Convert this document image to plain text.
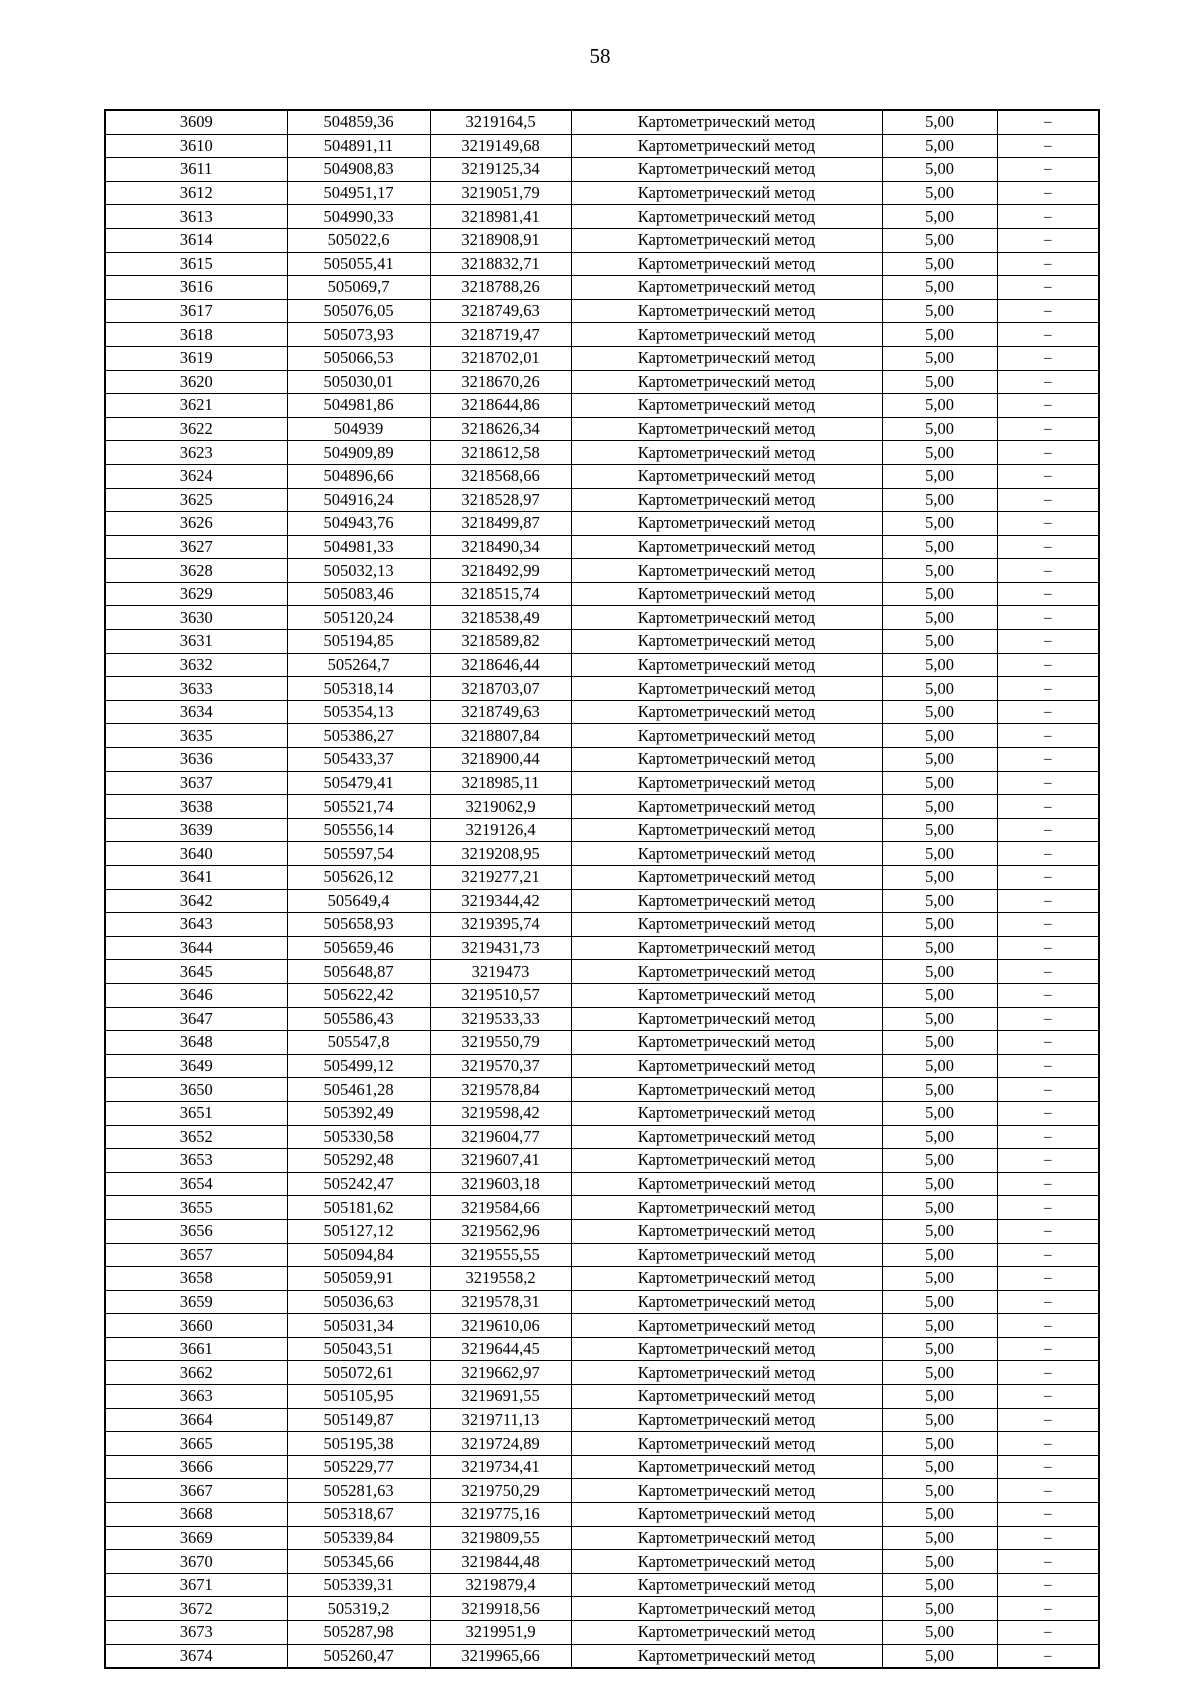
58
3609	504859,36	3219164,5	Картометрический метод	5,00	–
3610	504891,11	3219149,68	Картометрический метод	5,00	–
3611	504908,83	3219125,34	Картометрический метод	5,00	–
3612	504951,17	3219051,79	Картометрический метод	5,00	–
3613	504990,33	3218981,41	Картометрический метод	5,00	–
3614	505022,6	3218908,91	Картометрический метод	5,00	–
3615	505055,41	3218832,71	Картометрический метод	5,00	–
3616	505069,7	3218788,26	Картометрический метод	5,00	–
3617	505076,05	3218749,63	Картометрический метод	5,00	–
3618	505073,93	3218719,47	Картометрический метод	5,00	–
3619	505066,53	3218702,01	Картометрический метод	5,00	–
3620	505030,01	3218670,26	Картометрический метод	5,00	–
3621	504981,86	3218644,86	Картометрический метод	5,00	–
3622	504939	3218626,34	Картометрический метод	5,00	–
3623	504909,89	3218612,58	Картометрический метод	5,00	–
3624	504896,66	3218568,66	Картометрический метод	5,00	–
3625	504916,24	3218528,97	Картометрический метод	5,00	–
3626	504943,76	3218499,87	Картометрический метод	5,00	–
3627	504981,33	3218490,34	Картометрический метод	5,00	–
3628	505032,13	3218492,99	Картометрический метод	5,00	–
3629	505083,46	3218515,74	Картометрический метод	5,00	–
3630	505120,24	3218538,49	Картометрический метод	5,00	–
3631	505194,85	3218589,82	Картометрический метод	5,00	–
3632	505264,7	3218646,44	Картометрический метод	5,00	–
3633	505318,14	3218703,07	Картометрический метод	5,00	–
3634	505354,13	3218749,63	Картометрический метод	5,00	–
3635	505386,27	3218807,84	Картометрический метод	5,00	–
3636	505433,37	3218900,44	Картометрический метод	5,00	–
3637	505479,41	3218985,11	Картометрический метод	5,00	–
3638	505521,74	3219062,9	Картометрический метод	5,00	–
3639	505556,14	3219126,4	Картометрический метод	5,00	–
3640	505597,54	3219208,95	Картометрический метод	5,00	–
3641	505626,12	3219277,21	Картометрический метод	5,00	–
3642	505649,4	3219344,42	Картометрический метод	5,00	–
3643	505658,93	3219395,74	Картометрический метод	5,00	–
3644	505659,46	3219431,73	Картометрический метод	5,00	–
3645	505648,87	3219473	Картометрический метод	5,00	–
3646	505622,42	3219510,57	Картометрический метод	5,00	–
3647	505586,43	3219533,33	Картометрический метод	5,00	–
3648	505547,8	3219550,79	Картометрический метод	5,00	–
3649	505499,12	3219570,37	Картометрический метод	5,00	–
3650	505461,28	3219578,84	Картометрический метод	5,00	–
3651	505392,49	3219598,42	Картометрический метод	5,00	–
3652	505330,58	3219604,77	Картометрический метод	5,00	–
3653	505292,48	3219607,41	Картометрический метод	5,00	–
3654	505242,47	3219603,18	Картометрический метод	5,00	–
3655	505181,62	3219584,66	Картометрический метод	5,00	–
3656	505127,12	3219562,96	Картометрический метод	5,00	–
3657	505094,84	3219555,55	Картометрический метод	5,00	–
3658	505059,91	3219558,2	Картометрический метод	5,00	–
3659	505036,63	3219578,31	Картометрический метод	5,00	–
3660	505031,34	3219610,06	Картометрический метод	5,00	–
3661	505043,51	3219644,45	Картометрический метод	5,00	–
3662	505072,61	3219662,97	Картометрический метод	5,00	–
3663	505105,95	3219691,55	Картометрический метод	5,00	–
3664	505149,87	3219711,13	Картометрический метод	5,00	–
3665	505195,38	3219724,89	Картометрический метод	5,00	–
3666	505229,77	3219734,41	Картометрический метод	5,00	–
3667	505281,63	3219750,29	Картометрический метод	5,00	–
3668	505318,67	3219775,16	Картометрический метод	5,00	–
3669	505339,84	3219809,55	Картометрический метод	5,00	–
3670	505345,66	3219844,48	Картометрический метод	5,00	–
3671	505339,31	3219879,4	Картометрический метод	5,00	–
3672	505319,2	3219918,56	Картометрический метод	5,00	–
3673	505287,98	3219951,9	Картометрический метод	5,00	–
3674	505260,47	3219965,66	Картометрический метод	5,00	–
